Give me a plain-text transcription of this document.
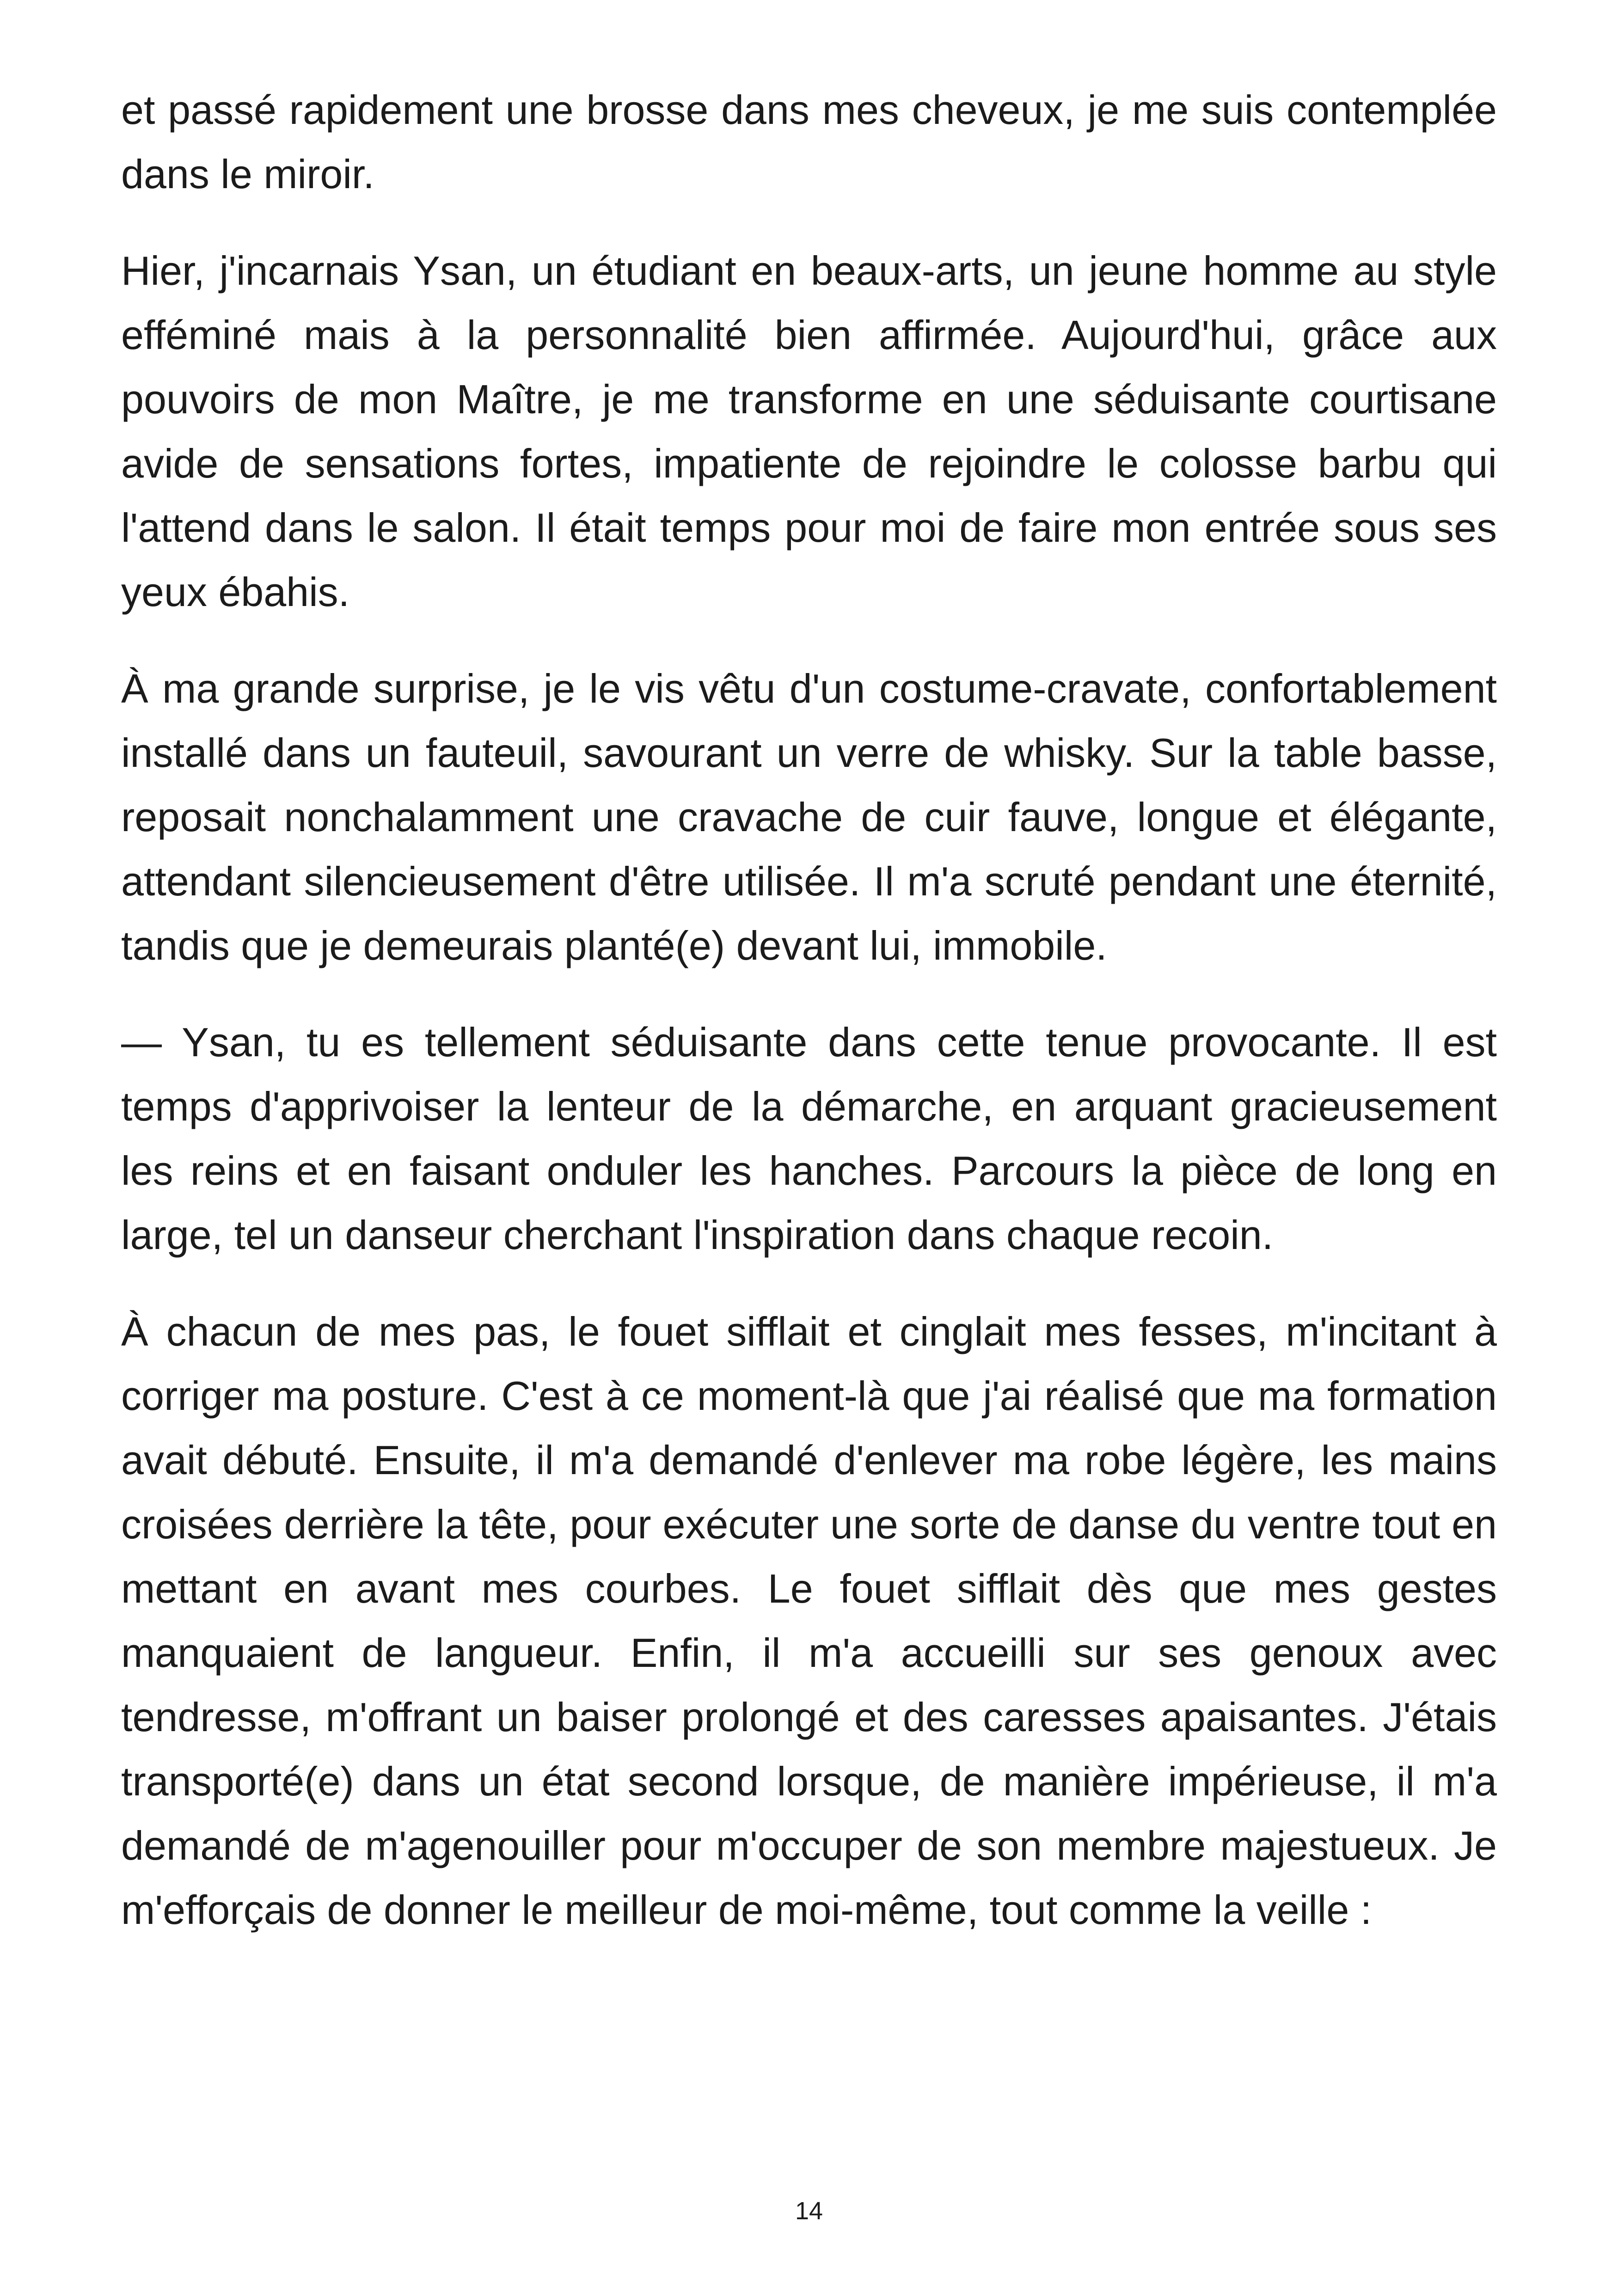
et passé rapidement une brosse dans mes cheveux, je me suis contemplée dans le miroir.

Hier, j'incarnais Ysan, un étudiant en beaux-arts, un jeune homme au style efféminé mais à la personnalité bien affirmée. Aujourd'hui, grâce aux pouvoirs de mon Maître, je me transforme en une séduisante courtisane avide de sensations fortes, impatiente de rejoindre le colosse barbu qui l'attend dans le salon. Il était temps pour moi de faire mon entrée sous ses yeux ébahis.

À ma grande surprise, je le vis vêtu d'un costume-cravate, confortablement installé dans un fauteuil, savourant un verre de whisky. Sur la table basse, reposait nonchalamment une cravache de cuir fauve, longue et élégante, attendant silencieusement d'être utilisée. Il m'a scruté pendant une éternité, tandis que je demeurais planté(e) devant lui, immobile.

— Ysan, tu es tellement séduisante dans cette tenue provocante. Il est temps d'apprivoiser la lenteur de la démarche, en arquant gracieusement les reins et en faisant onduler les hanches. Parcours la pièce de long en large, tel un danseur cherchant l'inspiration dans chaque recoin.

À chacun de mes pas, le fouet sifflait et cinglait mes fesses, m'incitant à corriger ma posture. C'est à ce moment-là que j'ai réalisé que ma formation avait débuté. Ensuite, il m'a demandé d'enlever ma robe légère, les mains croisées derrière la tête, pour exécuter une sorte de danse du ventre tout en mettant en avant mes courbes. Le fouet sifflait dès que mes gestes manquaient de langueur. Enfin, il m'a accueilli sur ses genoux avec tendresse, m'offrant un baiser prolongé et des caresses apaisantes. J'étais transporté(e) dans un état second lorsque, de manière impérieuse, il m'a demandé de m'agenouiller pour m'occuper de son membre majestueux. Je m'efforçais de donner le meilleur de moi-même, tout comme la veille :

14
